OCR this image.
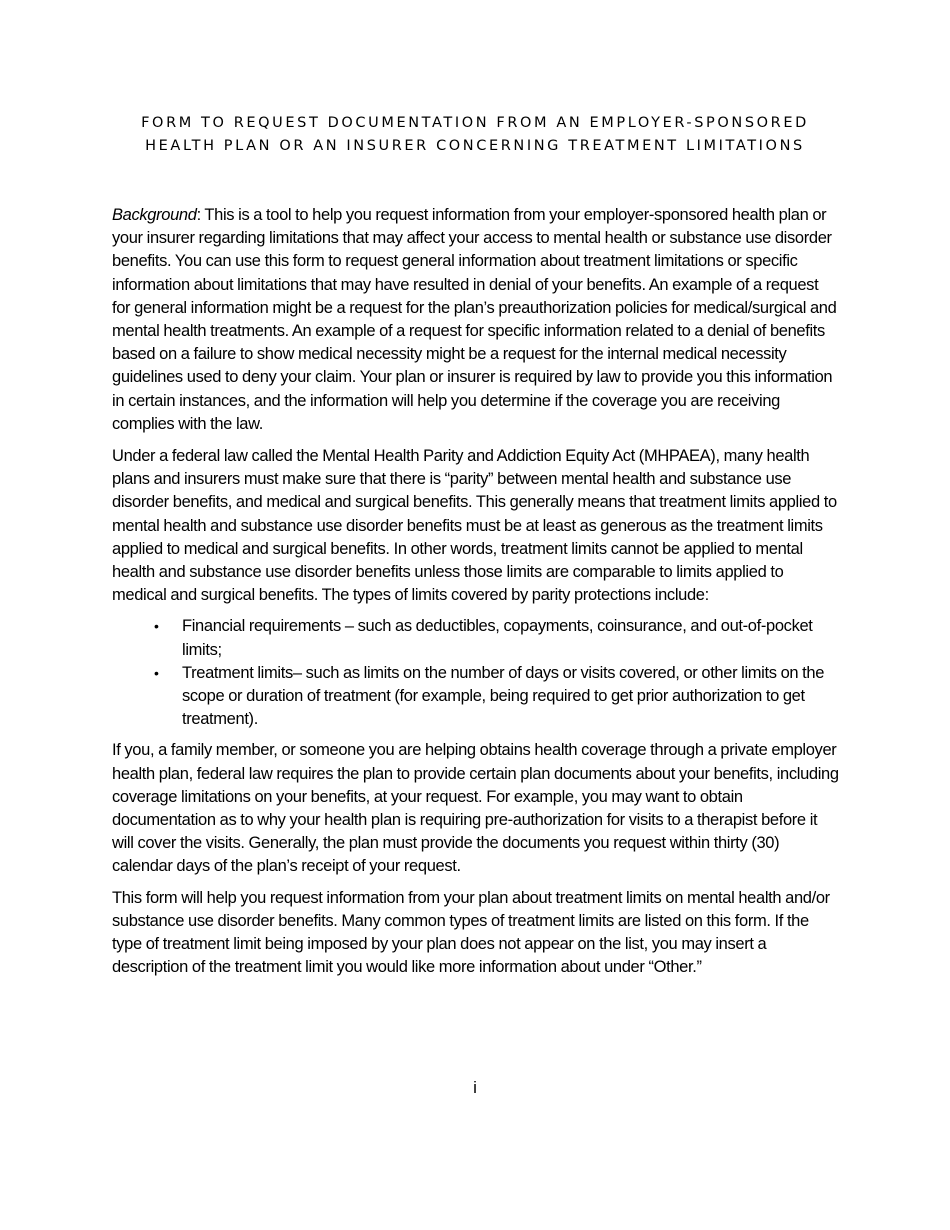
FORM TO REQUEST DOCUMENTATION FROM AN EMPLOYER-SPONSORED
HEALTH PLAN OR AN INSURER CONCERNING TREATMENT LIMITATIONS

Background: This is a tool to help you request information from your employer-sponsored health plan or your insurer regarding limitations that may affect your access to mental health or substance use disorder benefits. You can use this form to request general information about treatment limitations or specific information about limitations that may have resulted in denial of your benefits. An example of a request for general information might be a request for the plan’s preauthorization policies for medical/surgical and mental health treatments. An example of a request for specific information related to a denial of benefits based on a failure to show medical necessity might be a request for the internal medical necessity guidelines used to deny your claim. Your plan or insurer is required by law to provide you this information in certain instances, and the information will help you determine if the coverage you are receiving complies with the law.

Under a federal law called the Mental Health Parity and Addiction Equity Act (MHPAEA), many health plans and insurers must make sure that there is “parity” between mental health and substance use disorder benefits, and medical and surgical benefits. This generally means that treatment limits applied to mental health and substance use disorder benefits must be at least as generous as the treatment limits applied to medical and surgical benefits. In other words, treatment limits cannot be applied to mental health and substance use disorder benefits unless those limits are comparable to limits applied to medical and surgical benefits. The types of limits covered by parity protections include:

• Financial requirements – such as deductibles, copayments, coinsurance, and out-of-pocket limits;
• Treatment limits– such as limits on the number of days or visits covered, or other limits on the scope or duration of treatment (for example, being required to get prior authorization to get treatment).

If you, a family member, or someone you are helping obtains health coverage through a private employer health plan, federal law requires the plan to provide certain plan documents about your benefits, including coverage limitations on your benefits, at your request. For example, you may want to obtain documentation as to why your health plan is requiring pre-authorization for visits to a therapist before it will cover the visits. Generally, the plan must provide the documents you request within thirty (30) calendar days of the plan’s receipt of your request.

This form will help you request information from your plan about treatment limits on mental health and/or substance use disorder benefits. Many common types of treatment limits are listed on this form. If the type of treatment limit being imposed by your plan does not appear on the list, you may insert a description of the treatment limit you would like more information about under “Other.”

i
